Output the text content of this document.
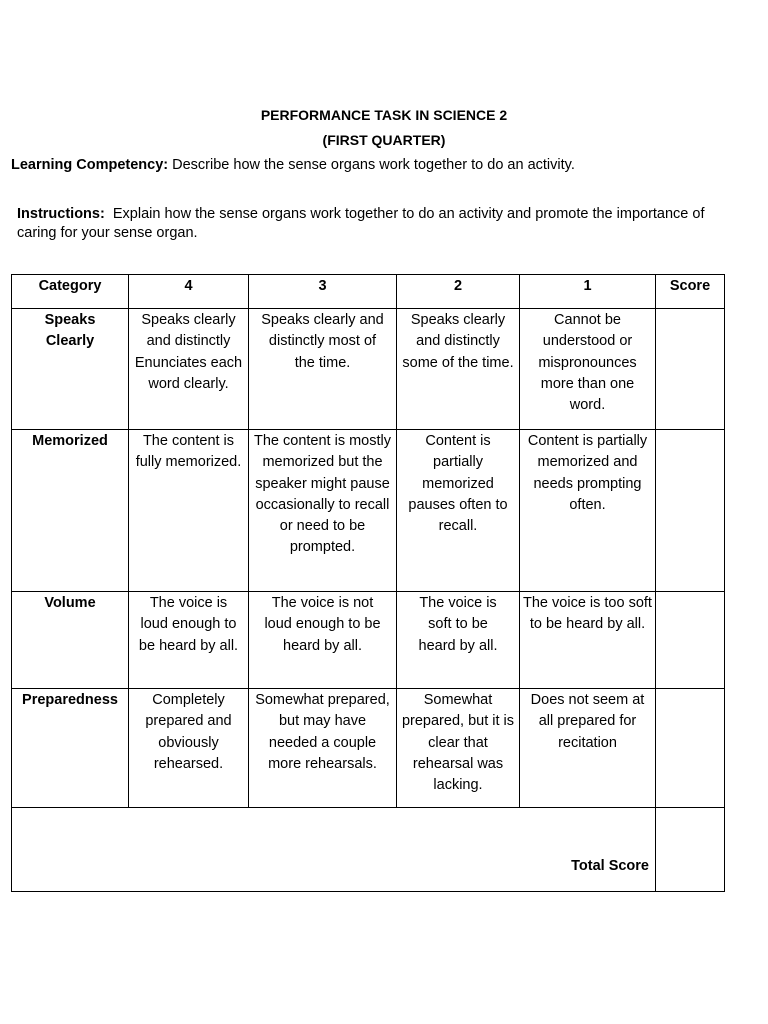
PERFORMANCE TASK IN SCIENCE 2
(FIRST QUARTER)
Learning Competency: Describe how the sense organs work together to do an activity.
Instructions:  Explain how the sense organs work together to do an activity and promote the importance of caring for your sense organ.
Category	4	3	2	1	Score
Speaks Clearly	Speaks clearly and distinctly Enunciates each word clearly.	Speaks clearly and distinctly most of the time.	Speaks clearly and distinctly some of the time.	Cannot be understood or mispronounces more than one word.	
Memorized	The content is fully memorized.	The content is mostly memorized but the speaker might pause occasionally to recall or need to be prompted.	Content is partially memorized pauses often to recall.	Content is partially memorized and needs prompting often.	
Volume	The voice is loud enough to be heard by all.	The voice is not loud enough to be heard by all.	The voice is soft to be heard by all.	The voice is too soft to be heard by all.	
Preparedness	Completely prepared and obviously rehearsed.	Somewhat prepared, but may have needed a couple more rehearsals.	Somewhat prepared, but it is clear that rehearsal was lacking.	Does not seem at all prepared for recitation	
Total Score					
